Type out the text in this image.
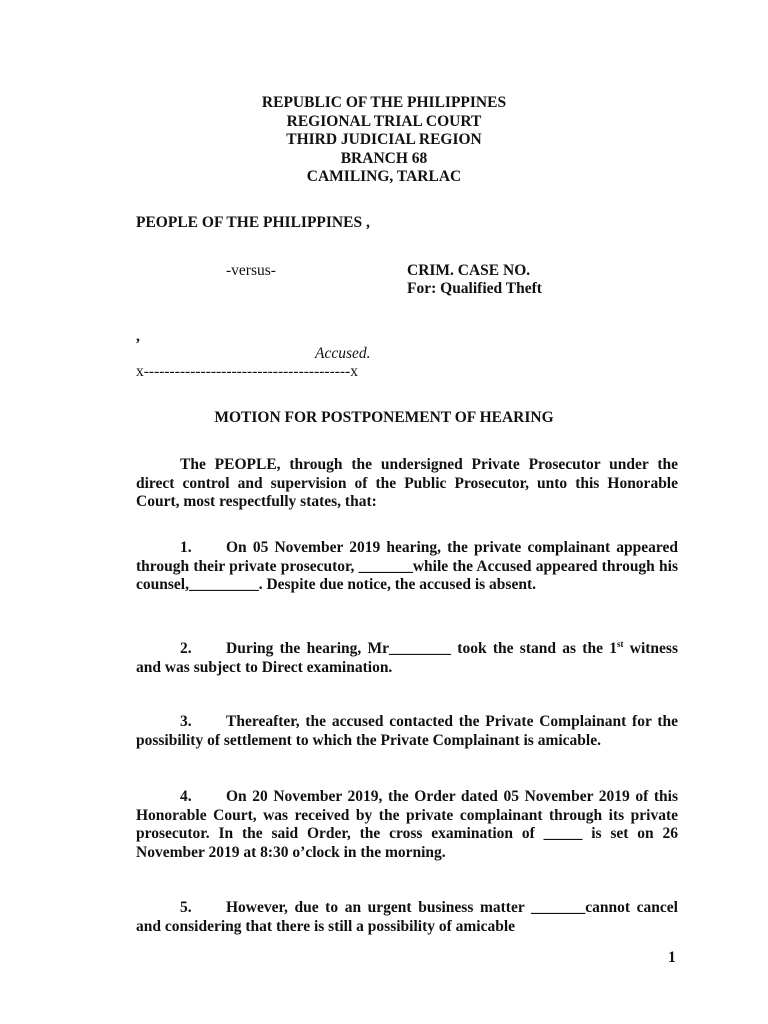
REPUBLIC OF THE PHILIPPINES
REGIONAL TRIAL COURT
THIRD JUDICIAL REGION
BRANCH 68
CAMILING, TARLAC
PEOPLE OF THE PHILIPPINES ,
-versus-	CRIM. CASE NO.
For: Qualified Theft
,
Accused.
x----------------------------------------x
MOTION FOR POSTPONEMENT OF HEARING
The PEOPLE, through the undersigned Private Prosecutor under the direct control and supervision of the Public Prosecutor, unto this Honorable Court, most respectfully states, that:
1. On 05 November 2019 hearing, the private complainant appeared through their private prosecutor, _______while the Accused appeared through his counsel,_________. Despite due notice, the accused is absent.
2. During the hearing, Mr________ took the stand as the 1st witness and was subject to Direct examination.
3. Thereafter, the accused contacted the Private Complainant for the possibility of settlement to which the Private Complainant is amicable.
4. On 20 November 2019, the Order dated 05 November 2019 of this Honorable Court, was received by the private complainant through its private prosecutor. In the said Order, the cross examination of _____ is set on 26 November 2019 at 8:30 o’clock in the morning.
5. However, due to an urgent business matter _______cannot cancel and considering that there is still a possibility of amicable
1
